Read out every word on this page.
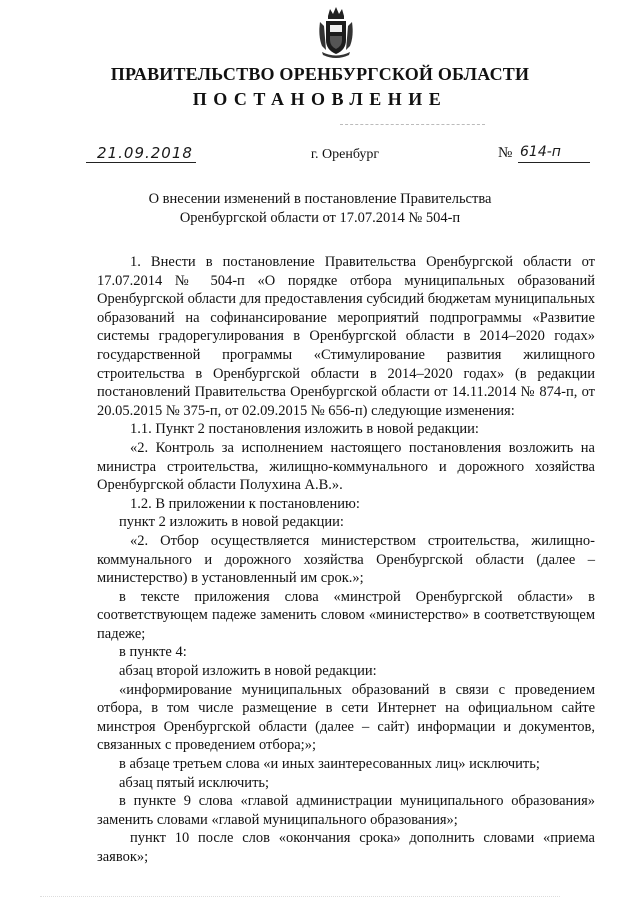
ПРАВИТЕЛЬСТВО ОРЕНБУРГСКОЙ ОБЛАСТИ
ПОСТАНОВЛЕНИЕ
21.09.2018	г. Оренбург	№ 614-п
О внесении изменений в постановление Правительства
Оренбургской области от 17.07.2014 № 504-п

1. Внести в постановление Правительства Оренбургской области от 17.07.2014 № 504-п «О порядке отбора муниципальных образований Оренбургской области для предоставления субсидий бюджетам муниципальных образований на софинансирование мероприятий подпрограммы «Развитие системы градорегулирования в Оренбургской области в 2014–2020 годах» государственной программы «Стимулирование развития жилищного строительства в Оренбургской области в 2014–2020 годах» (в редакции постановлений Правительства Оренбургской области от 14.11.2014 № 874-п, от 20.05.2015 № 375-п, от 02.09.2015 № 656-п) следующие изменения:

1.1. Пункт 2 постановления изложить в новой редакции:

«2. Контроль за исполнением настоящего постановления возложить на министра строительства, жилищно-коммунального и дорожного хозяйства Оренбургской области Полухина А.В.».

1.2. В приложении к постановлению:

пункт 2 изложить в новой редакции:

«2. Отбор осуществляется министерством строительства, жилищно-коммунального и дорожного хозяйства Оренбургской области (далее – министерство) в установленный им срок.»;

в тексте приложения слова «минстрой Оренбургской области» в соответствующем падеже заменить словом «министерство» в соответствующем падеже;

в пункте 4:

абзац второй изложить в новой редакции:

«информирование муниципальных образований в связи с проведением отбора, в том числе размещение в сети Интернет на официальном сайте минстроя Оренбургской области (далее – сайт) информации и документов, связанных с проведением отбора;»;

в абзаце третьем слова «и иных заинтересованных лиц» исключить;

абзац пятый исключить;

в пункте 9 слова «главой администрации муниципального образования» заменить словами «главой муниципального образования»;

пункт 10 после слов «окончания срока» дополнить словами «приема заявок»;
